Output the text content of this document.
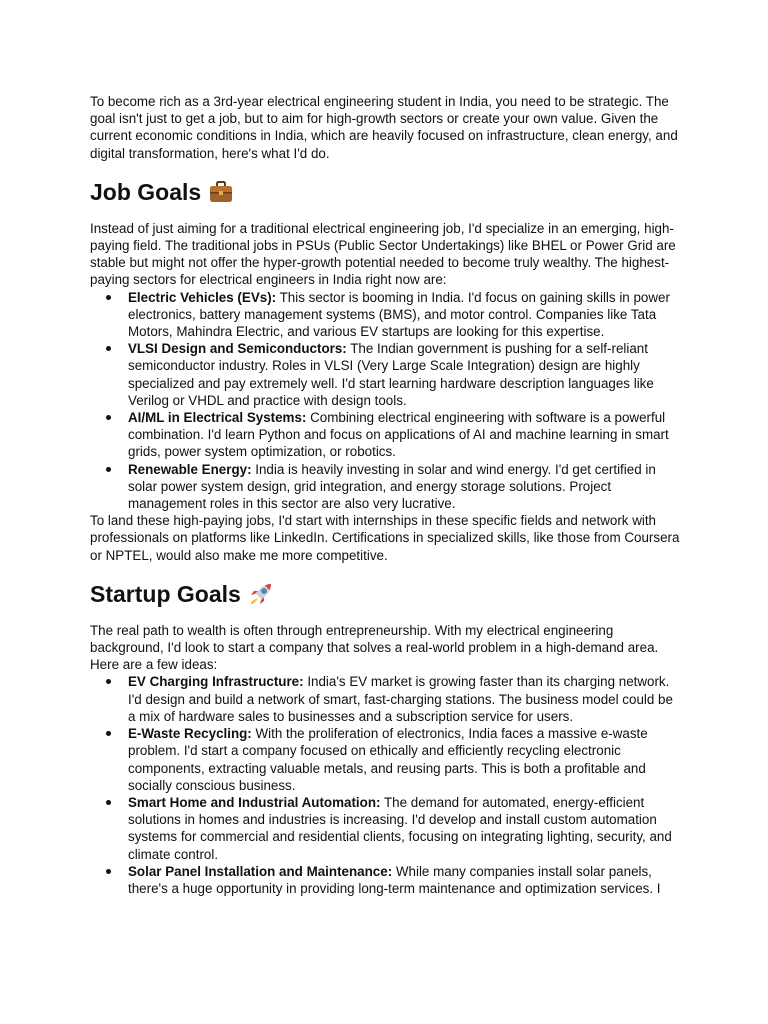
To become rich as a 3rd-year electrical engineering student in India, you need to be strategic. The goal isn't just to get a job, but to aim for high-growth sectors or create your own value. Given the current economic conditions in India, which are heavily focused on infrastructure, clean energy, and digital transformation, here's what I'd do.

Job Goals

Instead of just aiming for a traditional electrical engineering job, I'd specialize in an emerging, high-paying field. The traditional jobs in PSUs (Public Sector Undertakings) like BHEL or Power Grid are stable but might not offer the hyper-growth potential needed to become truly wealthy. The highest-paying sectors for electrical engineers in India right now are:

Electric Vehicles (EVs): This sector is booming in India. I'd focus on gaining skills in power electronics, battery management systems (BMS), and motor control. Companies like Tata Motors, Mahindra Electric, and various EV startups are looking for this expertise.
VLSI Design and Semiconductors: The Indian government is pushing for a self-reliant semiconductor industry. Roles in VLSI (Very Large Scale Integration) design are highly specialized and pay extremely well. I'd start learning hardware description languages like Verilog or VHDL and practice with design tools.
AI/ML in Electrical Systems: Combining electrical engineering with software is a powerful combination. I'd learn Python and focus on applications of AI and machine learning in smart grids, power system optimization, or robotics.
Renewable Energy: India is heavily investing in solar and wind energy. I'd get certified in solar power system design, grid integration, and energy storage solutions. Project management roles in this sector are also very lucrative.

To land these high-paying jobs, I'd start with internships in these specific fields and network with professionals on platforms like LinkedIn. Certifications in specialized skills, like those from Coursera or NPTEL, would also make me more competitive.

Startup Goals

The real path to wealth is often through entrepreneurship. With my electrical engineering background, I'd look to start a company that solves a real-world problem in a high-demand area. Here are a few ideas:

EV Charging Infrastructure: India's EV market is growing faster than its charging network. I'd design and build a network of smart, fast-charging stations. The business model could be a mix of hardware sales to businesses and a subscription service for users.
E-Waste Recycling: With the proliferation of electronics, India faces a massive e-waste problem. I'd start a company focused on ethically and efficiently recycling electronic components, extracting valuable metals, and reusing parts. This is both a profitable and socially conscious business.
Smart Home and Industrial Automation: The demand for automated, energy-efficient solutions in homes and industries is increasing. I'd develop and install custom automation systems for commercial and residential clients, focusing on integrating lighting, security, and climate control.
Solar Panel Installation and Maintenance: While many companies install solar panels, there's a huge opportunity in providing long-term maintenance and optimization services. I
